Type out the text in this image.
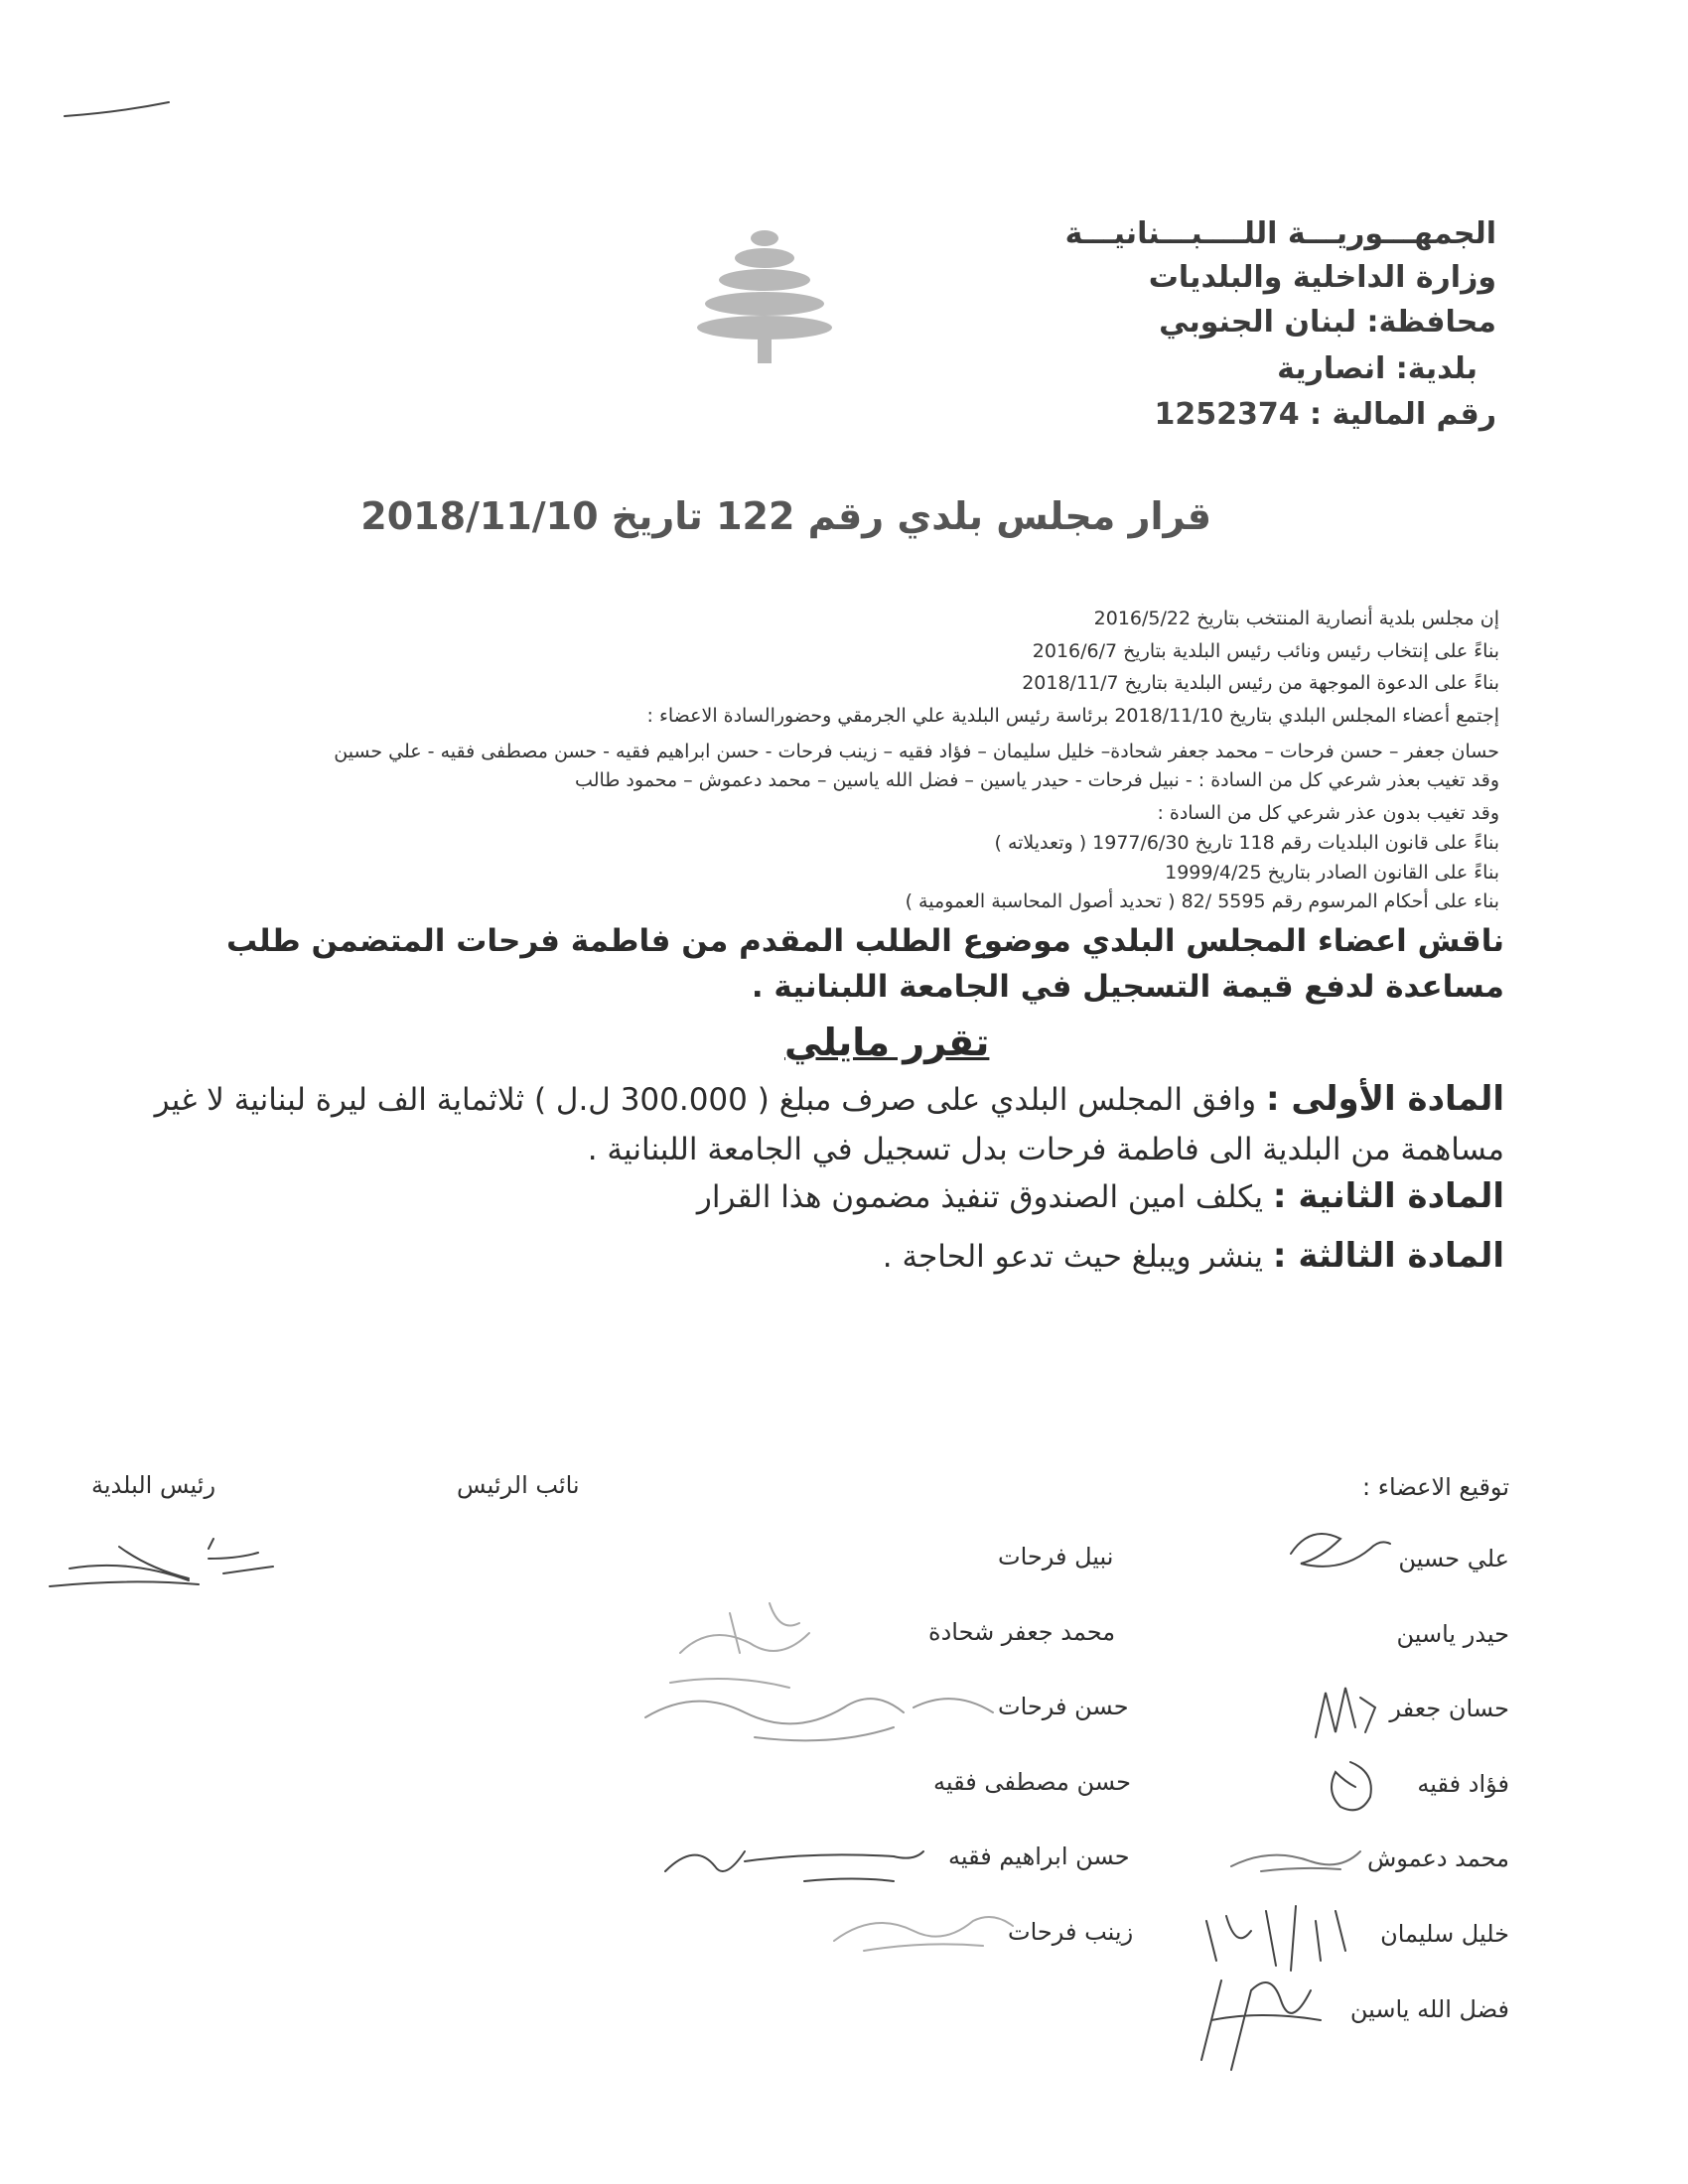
الجمهـــوريـــة اللــــبـــنانيـــة
وزارة الداخلية والبلديات
محافظة: لبنان الجنوبي
بلدية: انصارية
رقم المالية : 1252374
قرار مجلس بلدي رقم 122 تاريخ 2018/11/10
إن مجلس بلدية أنصارية المنتخب بتاريخ 2016/5/22
بناءً على إنتخاب رئيس ونائب رئيس البلدية بتاريخ 2016/6/7
بناءً على الدعوة الموجهة من رئيس البلدية بتاريخ 2018/11/7
إجتمع أعضاء المجلس البلدي بتاريخ 2018/11/10 برئاسة رئيس البلدية علي الجرمقي وحضورالسادة الاعضاء :
حسان جعفر – حسن فرحات – محمد جعفر شحادة– خليل سليمان – فؤاد فقيه – زينب فرحات - حسن ابراهيم فقيه - حسن مصطفى فقيه - علي حسين
وقد تغيب بعذر شرعي كل من السادة : - نبيل فرحات - حيدر ياسين – فضل الله ياسين – محمد دعموش – محمود طالب
وقد تغيب بدون عذر شرعي كل من السادة :
بناءً على قانون البلديات رقم 118 تاريخ 1977/6/30 ( وتعديلاته )
بناءً على القانون الصادر بتاريخ 1999/4/25
بناء على أحكام المرسوم رقم 5595 /82 ( تحديد أصول المحاسبة العمومية )
ناقش اعضاء المجلس البلدي موضوع الطلب المقدم من فاطمة فرحات المتضمن طلب مساعدة لدفع قيمة التسجيل في الجامعة اللبنانية .
تقرر مايلي
المادة الأولى : وافق المجلس البلدي على صرف مبلغ ( 300.000 ل.ل ) ثلاثماية الف ليرة لبنانية لا غير مساهمة من البلدية الى فاطمة فرحات بدل تسجيل في الجامعة اللبنانية .
المادة الثانية : يكلف امين الصندوق تنفيذ مضمون هذا القرار
المادة الثالثة : ينشر ويبلغ حيث تدعو الحاجة .
توقيع الاعضاء :
نائب الرئيس
رئيس البلدية
علي حسين
حيدر ياسين
حسان جعفر
فؤاد فقيه
محمد دعموش
خليل سليمان
فضل الله ياسين
نبيل فرحات
محمد جعفر شحادة
حسن فرحات
حسن مصطفى فقيه
حسن ابراهيم فقيه
زينب فرحات
